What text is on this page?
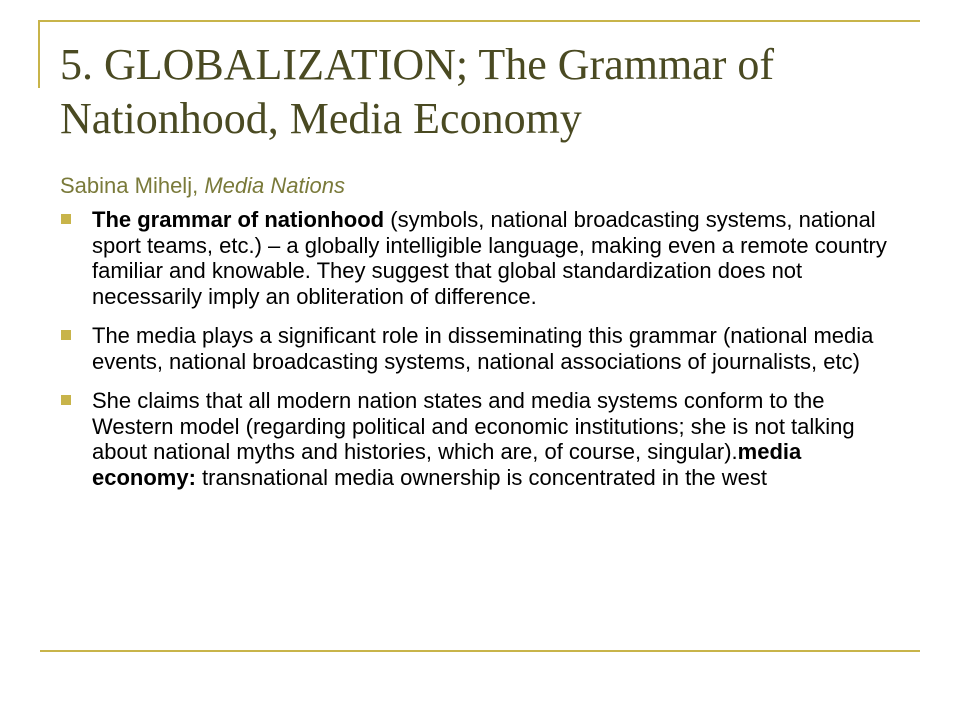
5. GLOBALIZATION; The Grammar of Nationhood, Media Economy
Sabina Mihelj, Media Nations
The grammar of nationhood (symbols, national broadcasting systems, national sport teams, etc.) – a globally intelligible language, making even a remote country familiar and knowable. They suggest that global standardization does not necessarily imply an obliteration of difference.
The media plays a significant role in disseminating this grammar (national media events, national broadcasting systems, national associations of journalists, etc)
She claims that all modern nation states and media systems conform to the Western model (regarding political and economic institutions; she is not talking about national myths and histories, which are, of course, singular).media economy: transnational media ownership is concentrated in the west
